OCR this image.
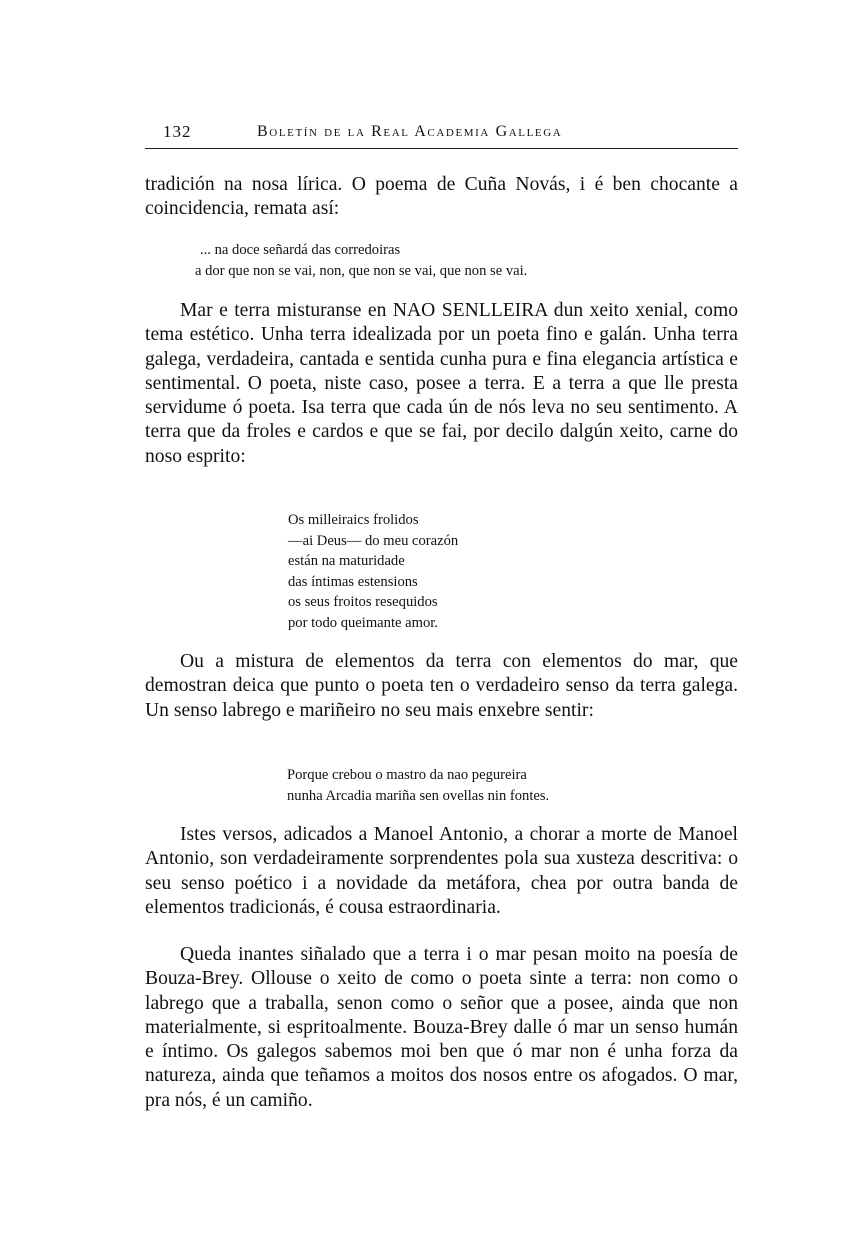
132	Boletín de la Real Academia Gallega

tradición na nosa lírica. O poema de Cuña Novás, i é ben chocante a coincidencia, remata así:

... na doce señardá das corredoiras
a dor que non se vai, non, que non se vai, que non se vai.

Mar e terra misturanse en NAO SENLLEIRA dun xeito xenial, como tema estético. Unha terra idealizada por un poeta fino e galán. Unha terra galega, verdadeira, cantada e sentida cunha pura e fina elegancia artística e sentimental. O poeta, niste caso, posee a terra. E a terra a que lle presta servidume ó poeta. Isa terra que cada ún de nós leva no seu sentimento. A terra que da froles e cardos e que se fai, por decilo dalgún xeito, carne do noso esprito:

Os milleiraics frolidos
—ai Deus— do meu corazón
están na maturidade
das íntimas estensions
os seus froitos resequidos
por todo queimante amor.

Ou a mistura de elementos da terra con elementos do mar, que demostran deica que punto o poeta ten o verdadeiro senso da terra galega. Un senso labrego e mariñeiro no seu mais enxebre sentir:

Porque crebou o mastro da nao pegureira
nunha Arcadia mariña sen ovellas nin fontes.

Istes versos, adicados a Manoel Antonio, a chorar a morte de Manoel Antonio, son verdadeiramente sorprendentes pola sua xusteza descritiva: o seu senso poético i a novidade da metáfora, chea por outra banda de elementos tradicionás, é cousa estraordinaria.

Queda inantes siñalado que a terra i o mar pesan moito na poesía de Bouza-Brey. Ollouse o xeito de como o poeta sinte a terra: non como o labrego que a traballa, senon como o señor que a posee, ainda que non materialmente, si espritoalmente. Bouza-Brey dalle ó mar un senso humán e íntimo. Os galegos sabemos moi ben que ó mar non é unha forza da natureza, ainda que teñamos a moitos dos nosos entre os afogados. O mar, pra nós, é un camiño.
